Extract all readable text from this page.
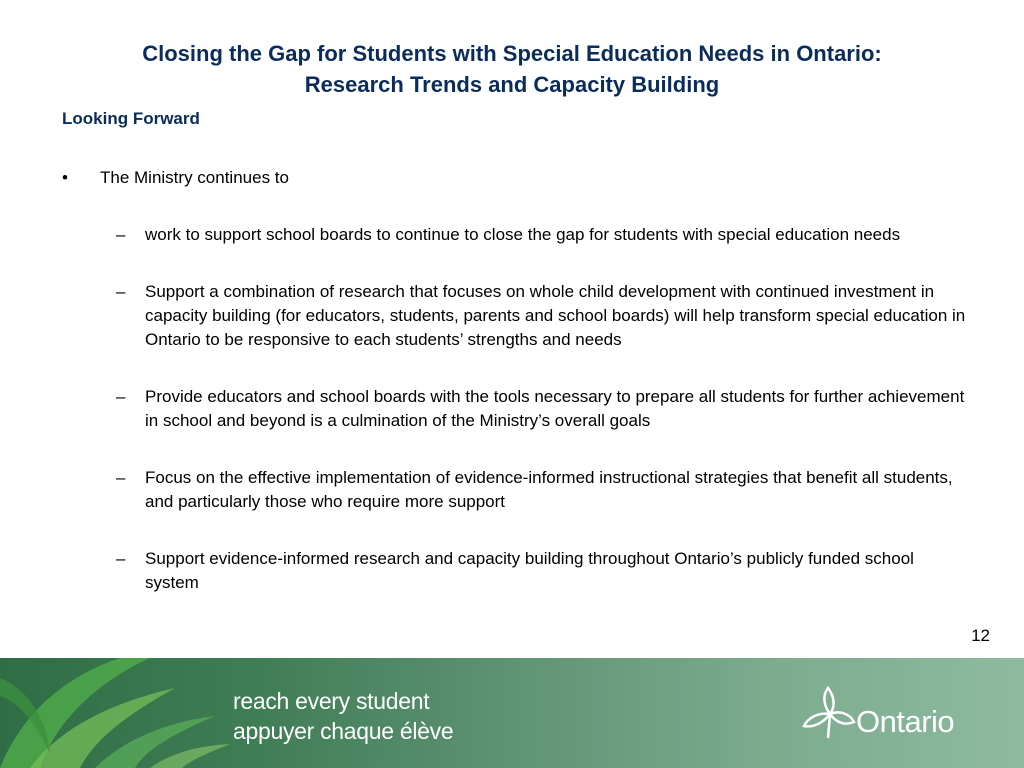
Closing the Gap for Students with Special Education Needs in Ontario:
Research Trends and Capacity Building
Looking Forward
• The Ministry continues to
– work to support school boards to continue to close the gap for students with special education needs
– Support a combination of research that focuses on whole child development with continued investment in capacity building (for educators, students, parents and school boards) will help transform special education in Ontario to be responsive to each students’ strengths and needs
– Provide educators and school boards with the tools necessary to prepare all students for further achievement in school and beyond is a culmination of the Ministry’s overall goals
– Focus on the effective implementation of evidence-informed instructional strategies that benefit all students, and particularly those who require more support
– Support evidence-informed research and capacity building throughout Ontario’s publicly funded school system
12
reach every student
appuyer chaque élève	Ontario
